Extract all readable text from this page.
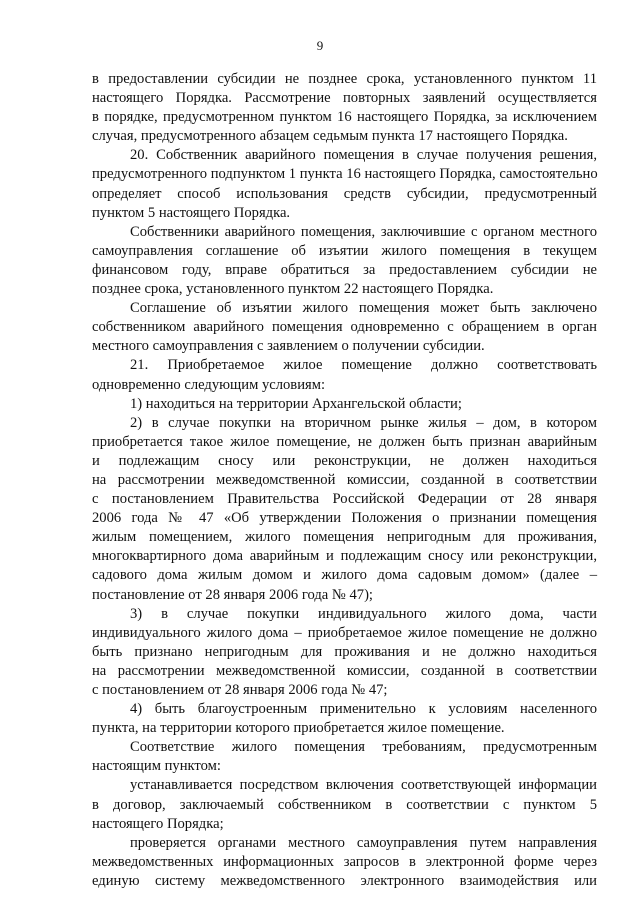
9
в предоставлении субсидии не позднее срока, установленного пунктом 11
настоящего Порядка. Рассмотрение повторных заявлений осуществляется
в порядке, предусмотренном пунктом 16 настоящего Порядка, за исключением
случая, предусмотренного абзацем седьмым пункта 17 настоящего Порядка.
20. Собственник аварийного помещения в случае получения решения,
предусмотренного подпунктом 1 пункта 16 настоящего Порядка, самостоятельно
определяет способ использования средств субсидии, предусмотренный
пунктом 5 настоящего Порядка.
Собственники аварийного помещения, заключившие с органом местного
самоуправления соглашение об изъятии жилого помещения в текущем
финансовом году, вправе обратиться за предоставлением субсидии не
позднее срока, установленного пунктом 22 настоящего Порядка.
Соглашение об изъятии жилого помещения может быть заключено
собственником аварийного помещения одновременно с обращением в орган
местного самоуправления с заявлением о получении субсидии.
21. Приобретаемое жилое помещение должно соответствовать
одновременно следующим условиям:
1) находиться на территории Архангельской области;
2) в случае покупки на вторичном рынке жилья – дом, в котором
приобретается такое жилое помещение, не должен быть признан аварийным
и подлежащим сносу или реконструкции, не должен находиться
на рассмотрении межведомственной комиссии, созданной в соответствии
с постановлением Правительства Российской Федерации от 28 января
2006 года № 47 «Об утверждении Положения о признании помещения
жилым помещением, жилого помещения непригодным для проживания,
многоквартирного дома аварийным и подлежащим сносу или реконструкции,
садового дома жилым домом и жилого дома садовым домом» (далее –
постановление от 28 января 2006 года № 47);
3) в случае покупки индивидуального жилого дома, части
индивидуального жилого дома – приобретаемое жилое помещение не должно
быть признано непригодным для проживания и не должно находиться
на рассмотрении межведомственной комиссии, созданной в соответствии
с постановлением от 28 января 2006 года № 47;
4) быть благоустроенным применительно к условиям населенного
пункта, на территории которого приобретается жилое помещение.
Соответствие жилого помещения требованиям, предусмотренным
настоящим пунктом:
устанавливается посредством включения соответствующей информации
в договор, заключаемый собственником в соответствии с пунктом 5
настоящего Порядка;
проверяется органами местного самоуправления путем направления
межведомственных информационных запросов в электронной форме через
единую систему межведомственного электронного взаимодействия или
